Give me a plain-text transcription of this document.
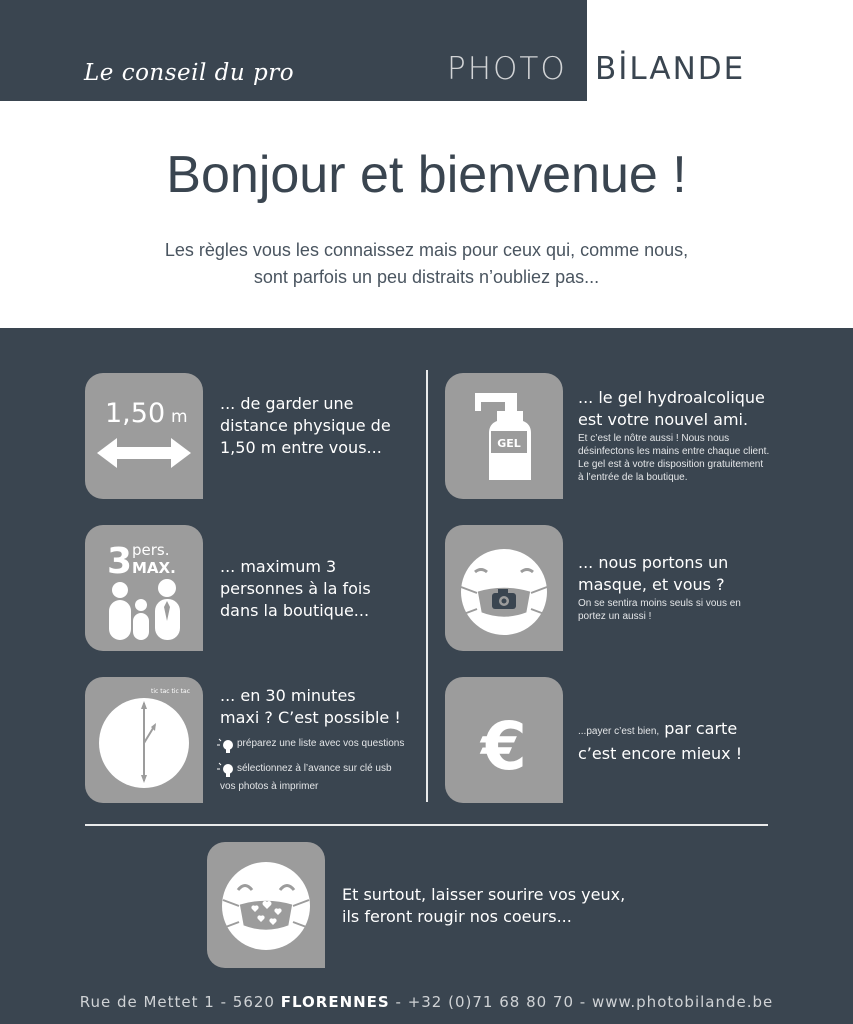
Le conseil du pro	PHOTO BİLANDE
Bonjour et bienvenue !
Les règles vous les connaissez mais pour ceux qui, comme nous,
sont parfois un peu distraits n’oubliez pas...
1,50 m
... de garder une
distance physique de
1,50 m entre vous...	GEL
... le gel hydroalcolique
est votre nouvel ami.
Et c’est le nôtre aussi ! Nous nous
désinfectons les mains entre chaque client.
Le gel est à votre disposition gratuitement
à l’entrée de la boutique.
3 pers.
MAX.	... maximum 3
personnes à la fois
dans la boutique...
... nous portons un
masque, et vous ?
On se sentira moins seuls si vous en
portez un aussi !
tic tac tic tac ... en 30 minutes
maxi ? C’est possible !
préparez une liste avec vos questions
sélectionnez à l’avance sur clé usb
vos photos à imprimer
€	...payer c’est bien, par carte
c’est encore mieux !
Et surtout, laisser sourire vos yeux,
ils feront rougir nos coeurs...
Rue de Mettet 1 - 5620 FLORENNES - +32 (0)71 68 80 70 - www.photobilande.be
